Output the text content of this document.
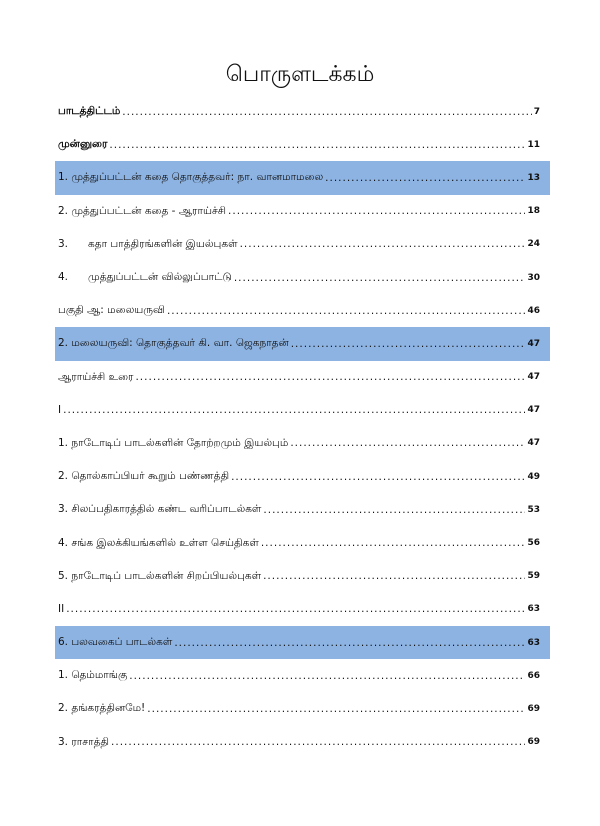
பொருளடக்கம்
பாடத்திட்டம் .....	7
முன்னுரை .....	11
1. முத்துப்பட்டன் கதை தொகுத்தவர்: நா. வானமாமலை .....	13
2. முத்துப்பட்டன் கதை - ஆராய்ச்சி .....	18
3.      கதா பாத்திரங்களின் இயல்புகள் .....	24
4.      முத்துப்பட்டன் வில்லுப்பாட்டு .....	30
பகுதி ஆ: மலையருவி .....	46
2. மலையருவி: தொகுத்தவர் கி. வா. ஜெகநாதன் .....	47
ஆராய்ச்சி உரை .....	47
I .....	47
1. நாடோடிப் பாடல்களின் தோற்றமும் இயல்பும் .....	47
2. தொல்காப்பியர் கூறும் பண்ணத்தி .....	49
3. சிலப்பதிகாரத்தில் கண்ட வரிப்பாடல்கள் .....	53
4. சங்க இலக்கியங்களில் உள்ள செய்திகள் .....	56
5. நாடோடிப் பாடல்களின் சிறப்பியல்புகள் .....	59
II .....	63
6. பலவகைப் பாடல்கள் .....	63
1. தெம்மாங்கு .....	66
2. தங்கரத்தினமே! .....	69
3. ராசாத்தி .....	69
